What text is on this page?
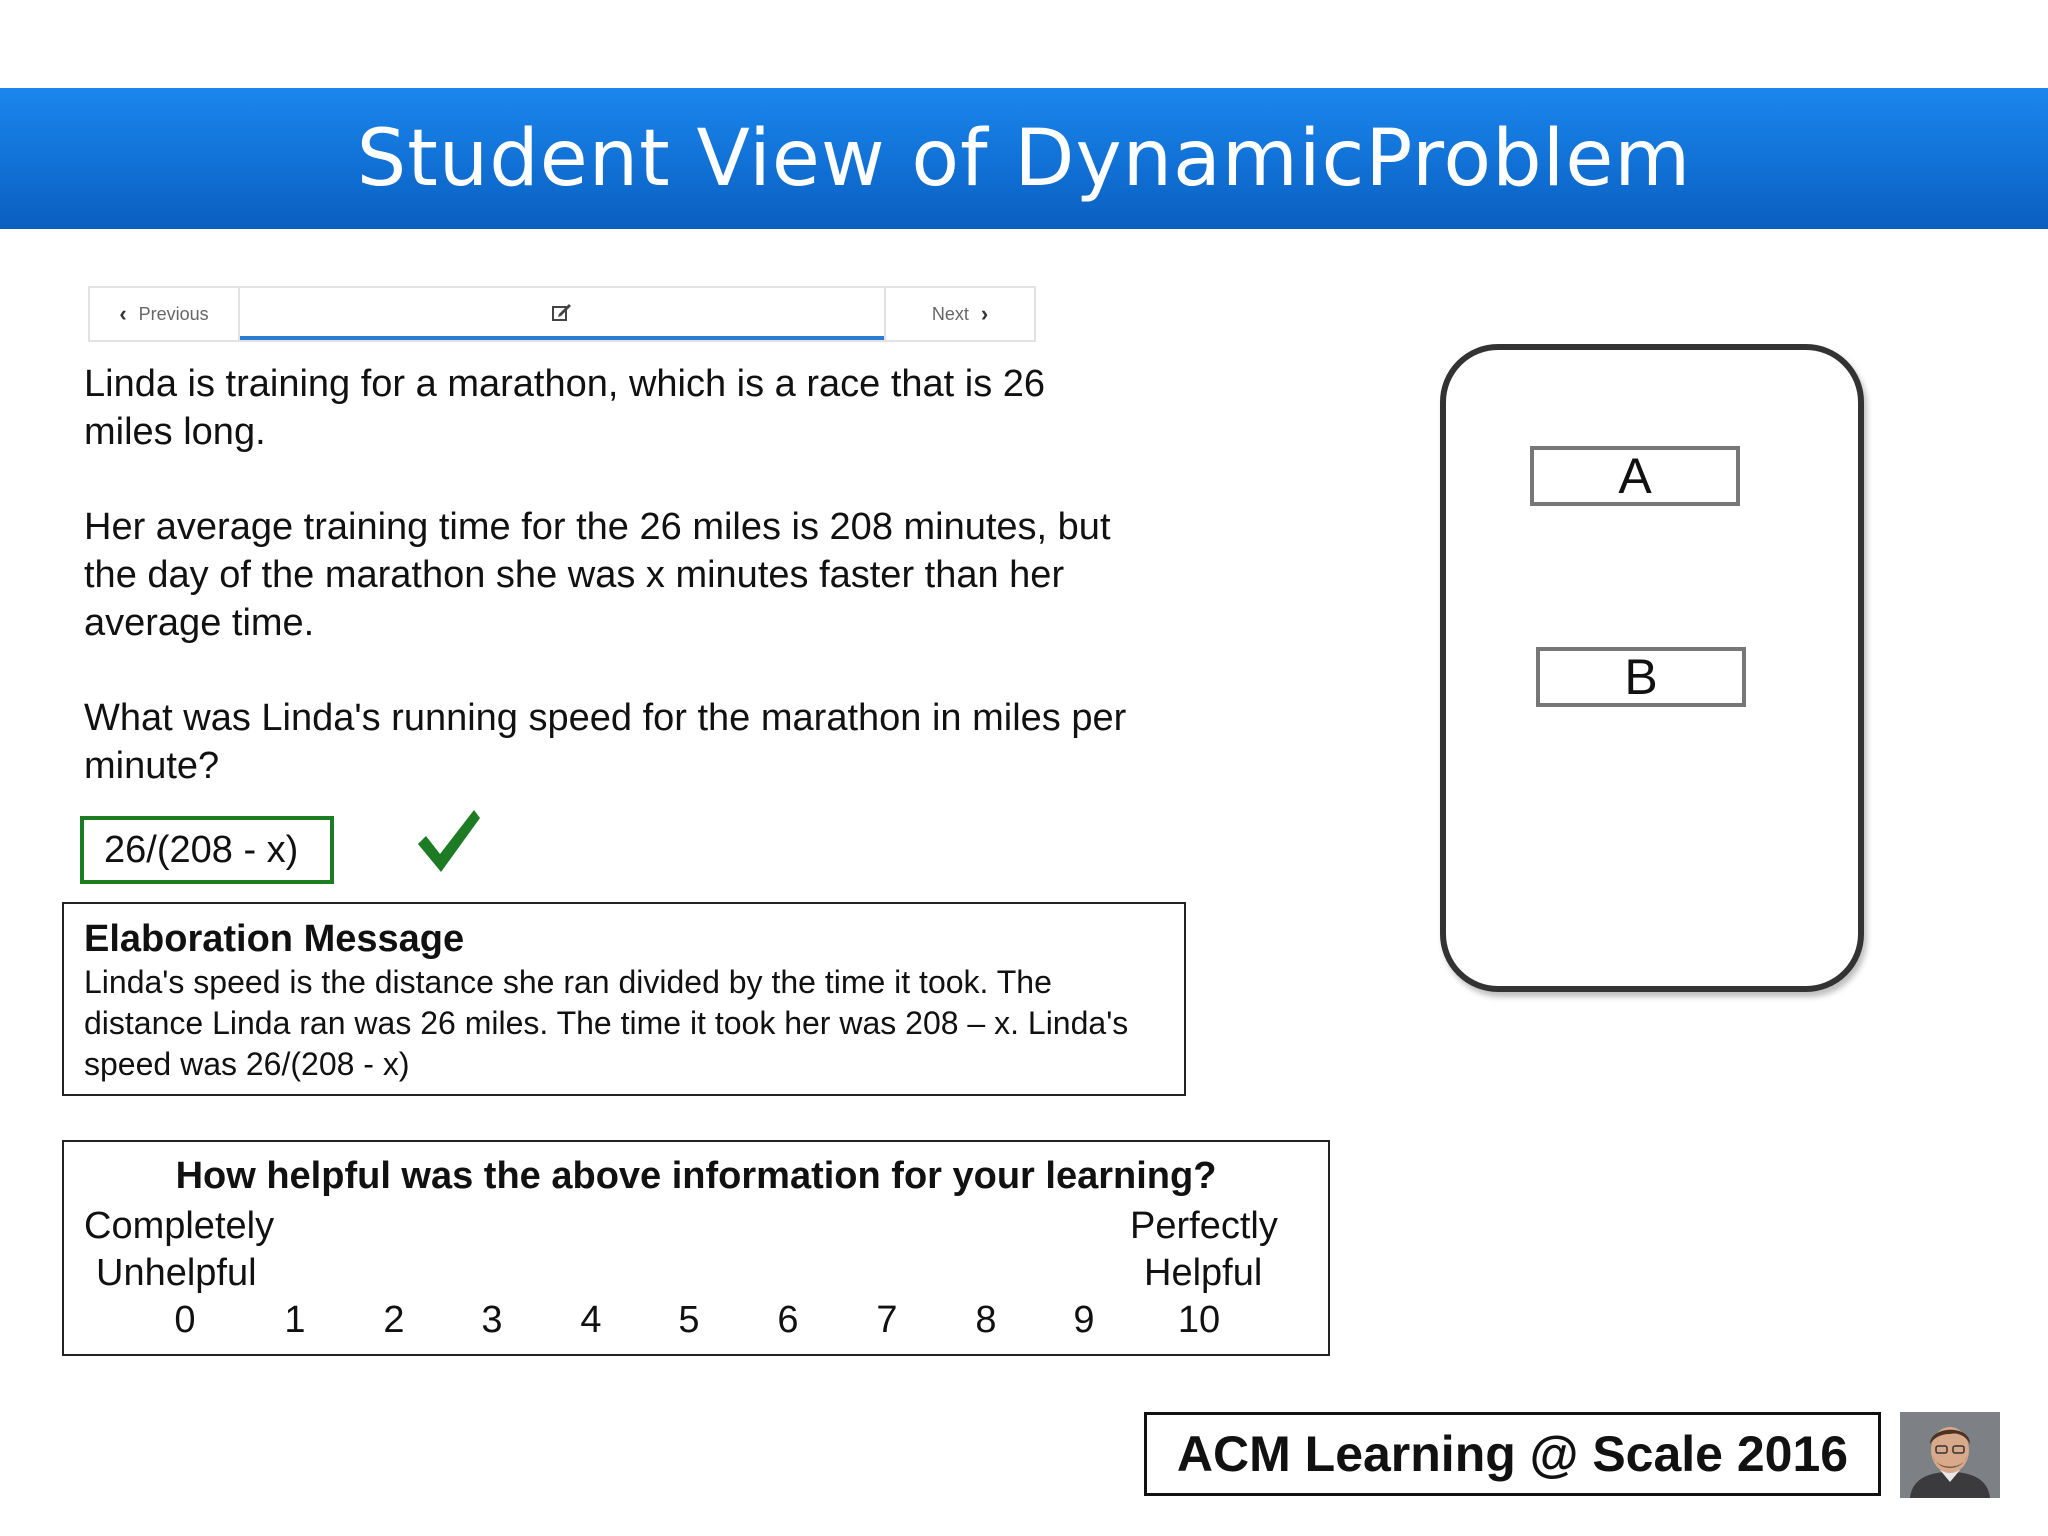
Student View of DynamicProblem
‹ Previous	Next ›

Linda is training for a marathon, which is a race that is 26 miles long.

Her average training time for the 26 miles is 208 minutes, but the day of the marathon she was x minutes faster than her average time.

What was Linda's running speed for the marathon in miles per minute?

26/(208 - x)
Elaboration Message
Linda's speed is the distance she ran divided by the time it took. The distance Linda ran was 26 miles. The time it took her was 208 – x. Linda's speed was 26/(208 - x)
How helpful was the above information for your learning?
Completely
Unhelpful
Perfectly
Helpful
0	1	2	3	4	5	6	7	8	9	10
A
B
ACM Learning @ Scale 2016
